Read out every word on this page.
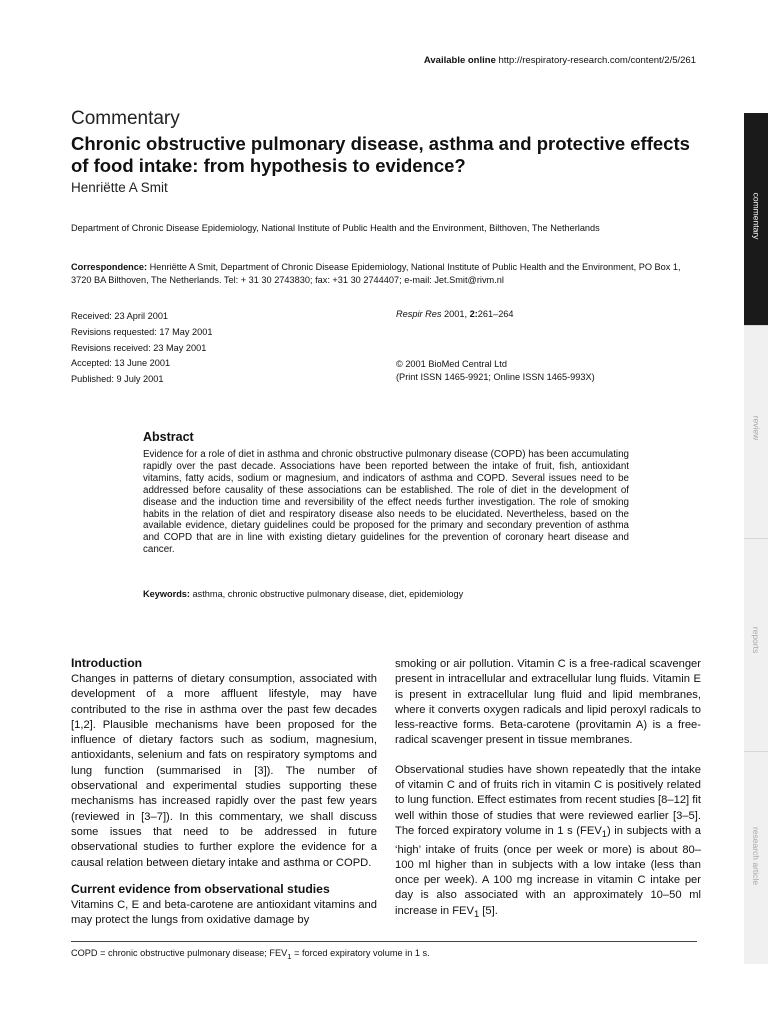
Available online http://respiratory-research.com/content/2/5/261
Commentary
Chronic obstructive pulmonary disease, asthma and protective effects of food intake: from hypothesis to evidence?
Henriëtte A Smit
Department of Chronic Disease Epidemiology, National Institute of Public Health and the Environment, Bilthoven, The Netherlands
Correspondence: Henriëtte A Smit, Department of Chronic Disease Epidemiology, National Institute of Public Health and the Environment, PO Box 1, 3720 BA Bilthoven, The Netherlands. Tel: + 31 30 2743830; fax: +31 30 2744407; e-mail: Jet.Smit@rivm.nl
Received: 23 April 2001
Revisions requested: 17 May 2001
Revisions received: 23 May 2001
Accepted: 13 June 2001
Published: 9 July 2001
Respir Res 2001, 2:261–264
© 2001 BioMed Central Ltd
(Print ISSN 1465-9921; Online ISSN 1465-993X)
Abstract

Evidence for a role of diet in asthma and chronic obstructive pulmonary disease (COPD) has been accumulating rapidly over the past decade. Associations have been reported between the intake of fruit, fish, antioxidant vitamins, fatty acids, sodium or magnesium, and indicators of asthma and COPD. Several issues need to be addressed before causality of these associations can be established. The role of diet in the development of disease and the induction time and reversibility of the effect needs further investigation. The role of smoking habits in the relation of diet and respiratory disease also needs to be elucidated. Nevertheless, based on the available evidence, dietary guidelines could be proposed for the primary and secondary prevention of asthma and COPD that are in line with existing dietary guidelines for the prevention of coronary heart disease and cancer.

Keywords: asthma, chronic obstructive pulmonary disease, diet, epidemiology
Introduction

Changes in patterns of dietary consumption, associated with development of a more affluent lifestyle, may have contributed to the rise in asthma over the past few decades [1,2]. Plausible mechanisms have been proposed for the influence of dietary factors such as sodium, magnesium, antioxidants, selenium and fats on respiratory symptoms and lung function (summarised in [3]). The number of observational and experimental studies supporting these mechanisms has increased rapidly over the past few years (reviewed in [3–7]). In this commentary, we shall discuss some issues that need to be addressed in future observational studies to further explore the evidence for a causal relation between dietary intake and asthma or COPD.

Current evidence from observational studies

Vitamins C, E and beta-carotene are antioxidant vitamins and may protect the lungs from oxidative damage by

smoking or air pollution. Vitamin C is a free-radical scavenger present in intracellular and extracellular lung fluids. Vitamin E is present in extracellular lung fluid and lipid membranes, where it converts oxygen radicals and lipid peroxyl radicals to less-reactive forms. Beta-carotene (provitamin A) is a free-radical scavenger present in tissue membranes.

Observational studies have shown repeatedly that the intake of vitamin C and of fruits rich in vitamin C is positively related to lung function. Effect estimates from recent studies [8–12] fit well within those of studies that were reviewed earlier [3–5]. The forced expiratory volume in 1 s $(FEV_1)$ in subjects with a ‘high’ intake of fruits (once per week or more) is about 80–100 ml higher than in subjects with a low intake (less than once per week). A 100 mg increase in vitamin C intake per day is also associated with an approximately 10–50 ml increase in $FEV_1$ [5].

COPD = chronic obstructive pulmonary disease; $FEV_1$ = forced expiratory volume in 1 s.
commentary
review
reports
research article
